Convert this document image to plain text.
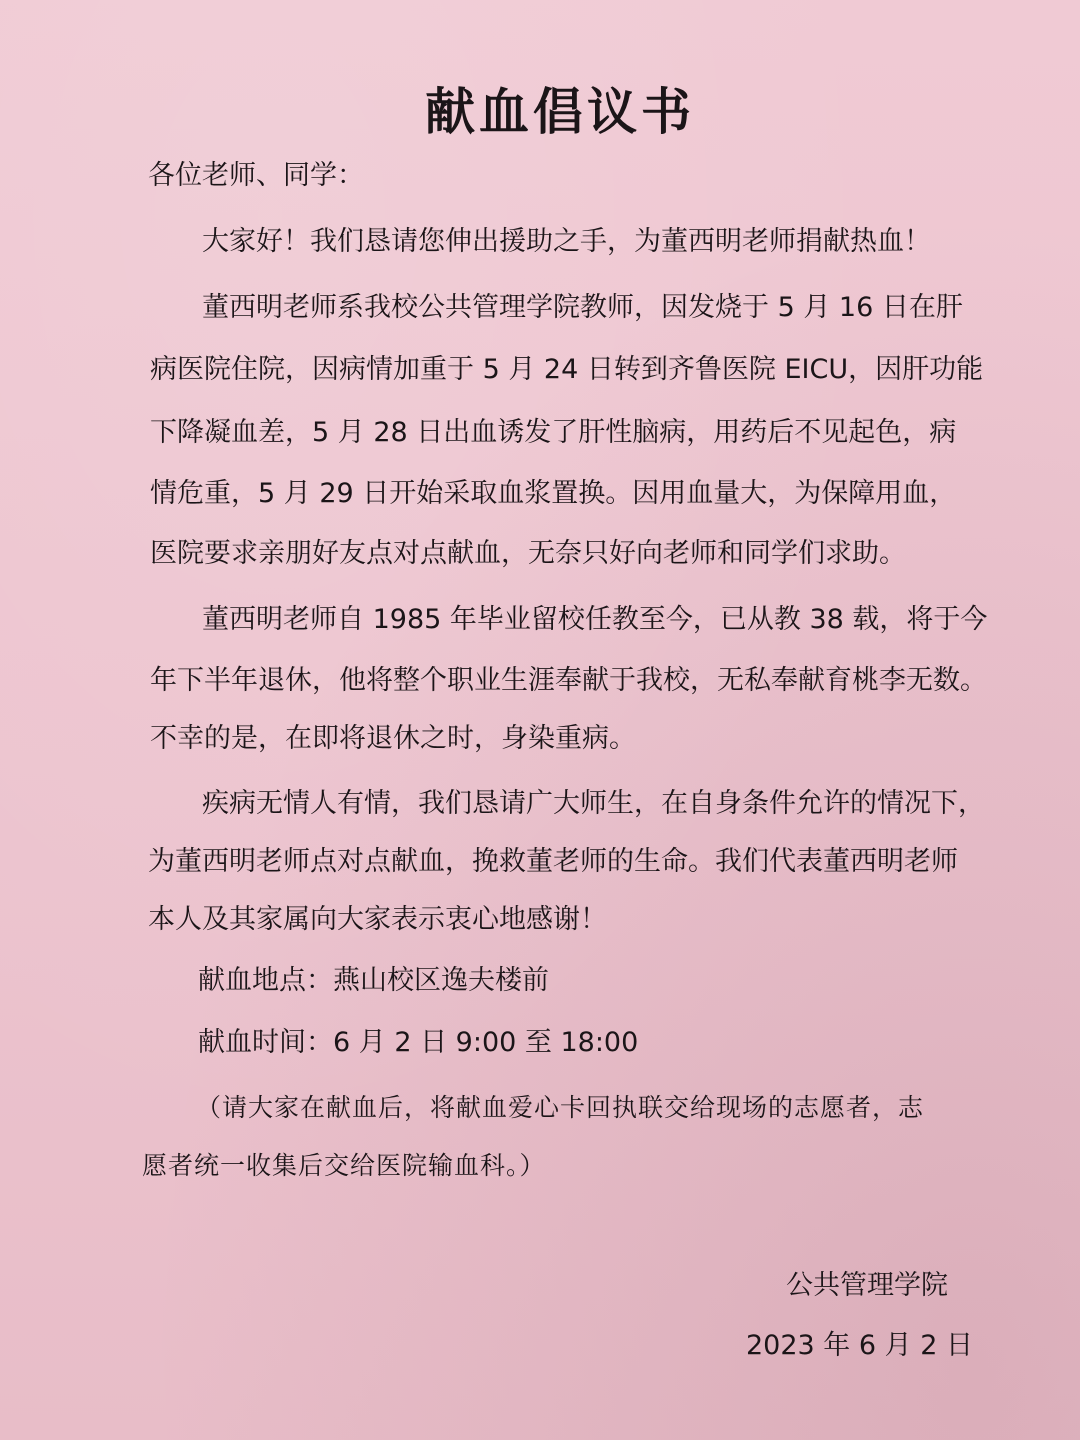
献血倡议书

各位老师、同学：

大家好！我们恳请您伸出援助之手，为董西明老师捐献热血！

董西明老师系我校公共管理学院教师，因发烧于 5 月 16 日在肝

病医院住院，因病情加重于 5 月 24 日转到齐鲁医院 EICU，因肝功能

下降凝血差，5 月 28 日出血诱发了肝性脑病，用药后不见起色，病

情危重，5 月 29 日开始采取血浆置换。因用血量大，为保障用血，

医院要求亲朋好友点对点献血，无奈只好向老师和同学们求助。

董西明老师自 1985 年毕业留校任教至今，已从教 38 载，将于今

年下半年退休，他将整个职业生涯奉献于我校，无私奉献育桃李无数。

不幸的是，在即将退休之时，身染重病。

疾病无情人有情，我们恳请广大师生，在自身条件允许的情况下，

为董西明老师点对点献血，挽救董老师的生命。我们代表董西明老师

本人及其家属向大家表示衷心地感谢！

献血地点：燕山校区逸夫楼前

献血时间：6 月 2 日 9:00 至 18:00

（请大家在献血后，将献血爱心卡回执联交给现场的志愿者，志

愿者统一收集后交给医院输血科。）

公共管理学院

2023 年 6 月 2 日
